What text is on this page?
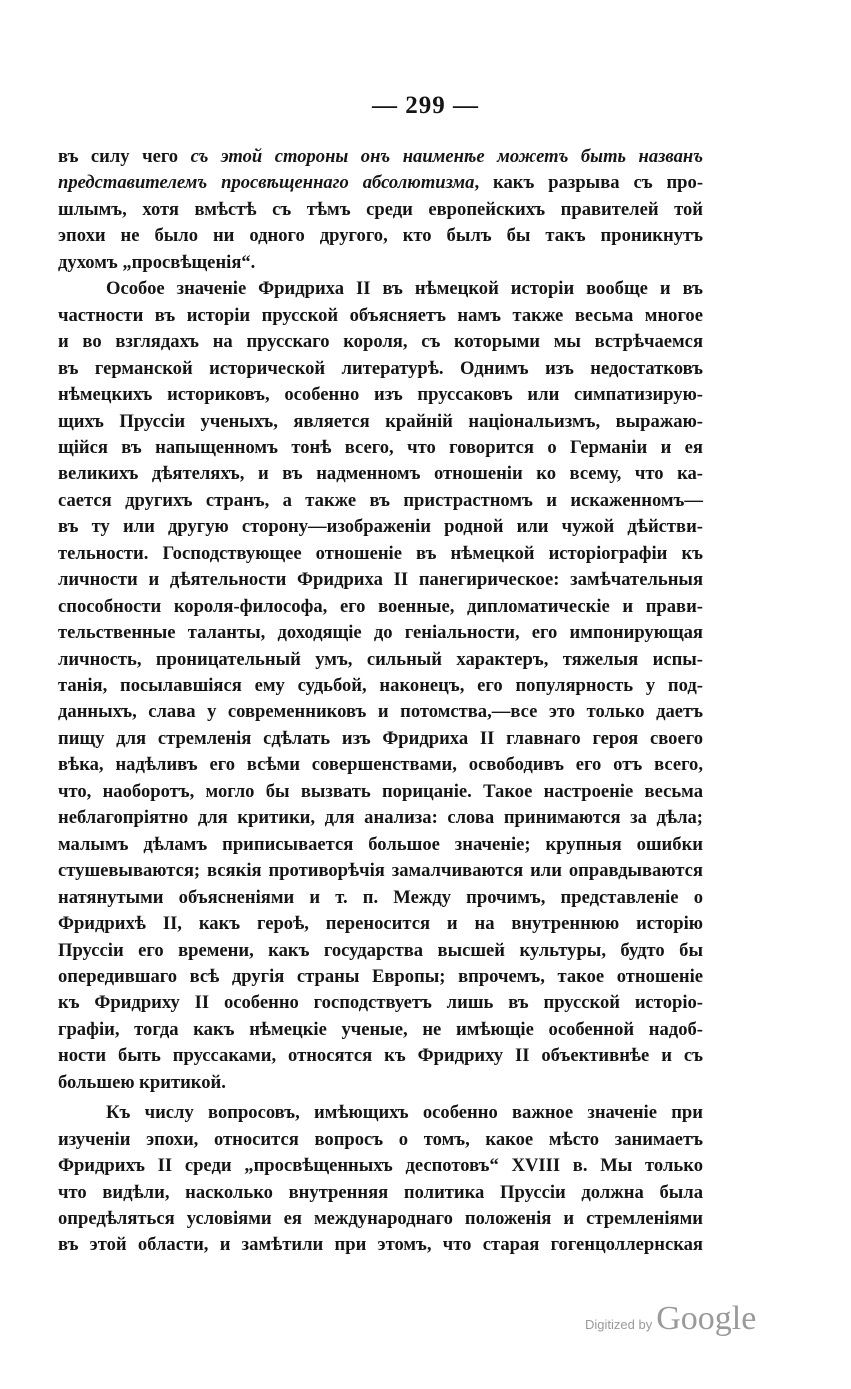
— 299 —
въ силу чего съ этой стороны онъ наименѣе можетъ быть названъ
представителемъ просвѣщеннаго абсолютизма, какъ разрыва съ про-
шлымъ, хотя вмѣстѣ съ тѣмъ среди европейскихъ правителей той
эпохи не было ни одного другого, кто былъ бы такъ проникнутъ
духомъ „просвѣщенія“.
Особое значеніе Фридриха II въ нѣмецкой исторіи вообще и въ
частности въ исторіи прусской объясняетъ намъ также весьма многое
и во взглядахъ на прусскаго короля, съ которыми мы встрѣчаемся
въ германской исторической литературѣ. Однимъ изъ недостатковъ
нѣмецкихъ историковъ, особенно изъ пруссаковъ или симпатизирую-
щихъ Пруссіи ученыхъ, является крайній національизмъ, выражаю-
щійся въ напыщенномъ тонѣ всего, что говорится о Германіи и ея
великихъ дѣятеляхъ, и въ надменномъ отношеніи ко всему, что ка-
сается другихъ странъ, а также въ пристрастномъ и искаженномъ—
въ ту или другую сторону—изображеніи родной или чужой дѣйстви-
тельности. Господствующее отношеніе въ нѣмецкой исторіографіи къ
личности и дѣятельности Фридриха II панегирическое: замѣчательныя
способности короля-философа, его военные, дипломатическіе и прави-
тельственные таланты, доходящіе до геніальности, его импонирующая
личность, проницательный умъ, сильный характеръ, тяжелыя испы-
танія, посылавшіяся ему судьбой, наконецъ, его популярность у под-
данныхъ, слава у современниковъ и потомства,—все это только даетъ
пищу для стремленія сдѣлать изъ Фридриха II главнаго героя своего
вѣка, надѣливъ его всѣми совершенствами, освободивъ его отъ всего,
что, наоборотъ, могло бы вызвать порицаніе. Такое настроеніе весьма
неблагопріятно для критики, для анализа: слова принимаются за дѣла;
малымъ дѣламъ приписывается большое значеніе; крупныя ошибки
стушевываются; всякія противорѣчія замалчиваются или оправдываются
натянутыми объясненіями и т. п. Между прочимъ, представленіе о
Фридрихѣ II, какъ героѣ, переносится и на внутреннюю исторію
Пруссіи его времени, какъ государства высшей культуры, будто бы
опередившаго всѣ другія страны Европы; впрочемъ, такое отношеніе
къ Фридриху II особенно господствуетъ лишь въ прусской исторіо-
графіи, тогда какъ нѣмецкіе ученые, не имѣющіе особенной надоб-
ности быть пруссаками, относятся къ Фридриху II объективнѣе и съ
большею критикой.
Къ числу вопросовъ, имѣющихъ особенно важное значеніе при
изученіи эпохи, относится вопросъ о томъ, какое мѣсто занимаетъ
Фридрихъ II среди „просвѣщенныхъ деспотовъ“ XVIII в. Мы только
что видѣли, насколько внутренняя политика Пруссіи должна была
опредѣляться условіями ея международнаго положенія и стремленіями
въ этой области, и замѣтили при этомъ, что старая гогенцоллернская
Digitized by Google
